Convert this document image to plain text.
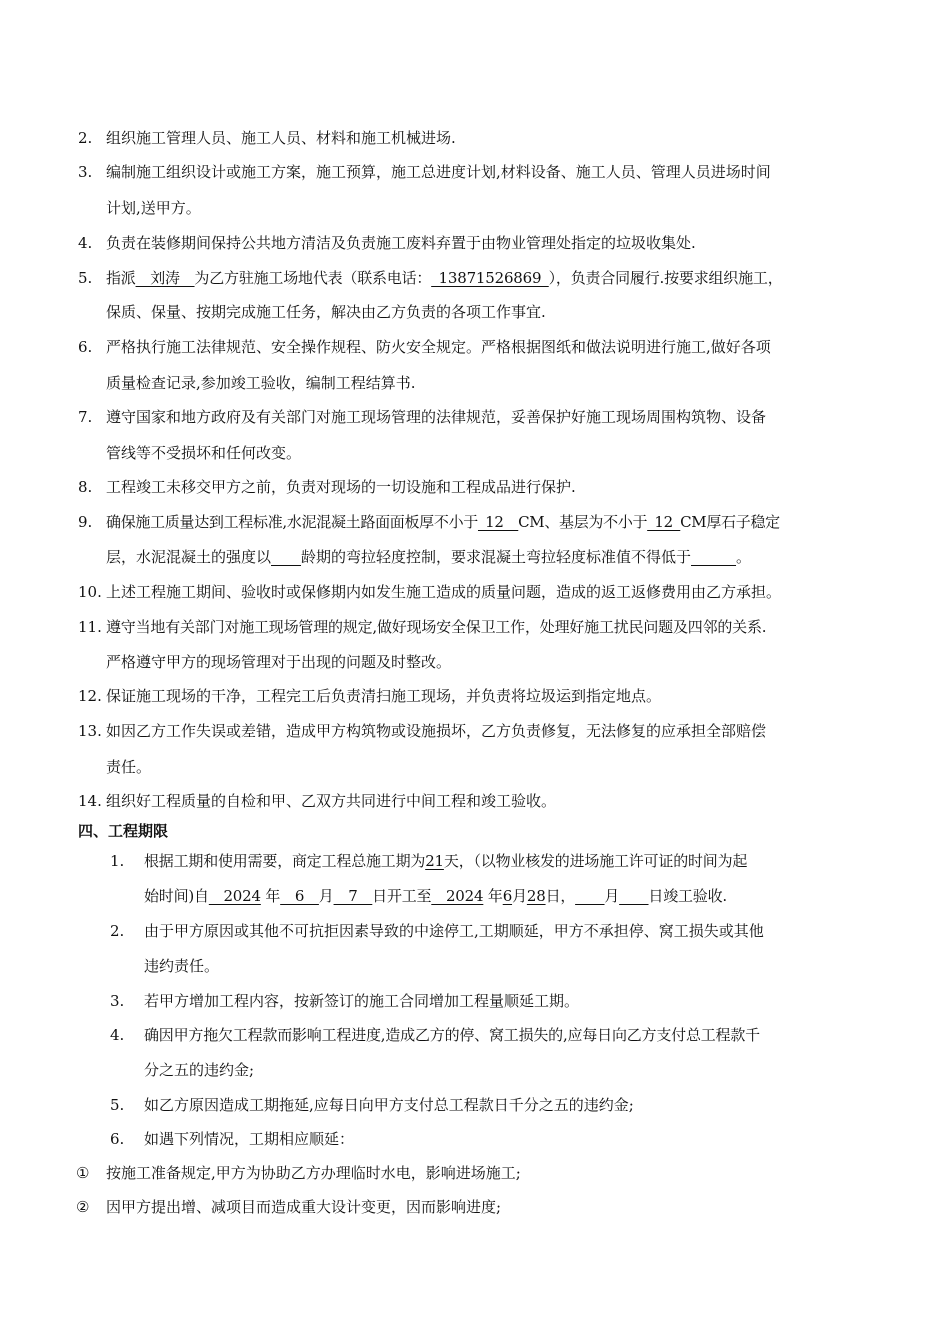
2. 组织施工管理人员、施工人员、材料和施工机械进场.
3. 编制施工组织设计或施工方案，施工预算，施工总进度计划,材料设备、施工人员、管理人员进场时间
计划,送甲方。
4. 负责在装修期间保持公共地方清洁及负责施工废料弃置于由物业管理处指定的垃圾收集处.
5. 指派__刘涛__为乙方驻施工场地代表（联系电话：_13871526869_），负责合同履行.按要求组织施工，
保质、保量、按期完成施工任务，解决由乙方负责的各项工作事宜.
6. 严格执行施工法律规范、安全操作规程、防火安全规定。严格根据图纸和做法说明进行施工,做好各项
质量检查记录,参加竣工验收，编制工程结算书.
7. 遵守国家和地方政府及有关部门对施工现场管理的法律规范，妥善保护好施工现场周围构筑物、设备
管线等不受损坏和任何改变。
8. 工程竣工未移交甲方之前，负责对现场的一切设施和工程成品进行保护.
9. 确保施工质量达到工程标准,水泥混凝土路面面板厚不小于_12__CM、基层为不小于_12_CM厚石子稳定
层，水泥混凝土的强度以____龄期的弯拉轻度控制，要求混凝土弯拉轻度标准值不得低于______。
10. 上述工程施工期间、验收时或保修期内如发生施工造成的质量问题，造成的返工返修费用由乙方承担。
11. 遵守当地有关部门对施工现场管理的规定,做好现场安全保卫工作，处理好施工扰民问题及四邻的关系.
严格遵守甲方的现场管理对于出现的问题及时整改。
12. 保证施工现场的干净，工程完工后负责清扫施工现场，并负责将垃圾运到指定地点。
13. 如因乙方工作失误或差错，造成甲方构筑物或设施损坏，乙方负责修复，无法修复的应承担全部赔偿
责任。
14. 组织好工程质量的自检和甲、乙双方共同进行中间工程和竣工验收。
四、工程期限
1. 根据工期和使用需要，商定工程总施工期为21天，（以物业核发的进场施工许可证的时间为起
始时间)自__2024 年__6__月__7__日开工至__2024 年6月28日，____月____日竣工验收.
2. 由于甲方原因或其他不可抗拒因素导致的中途停工,工期顺延，甲方不承担停、窝工损失或其他
违约责任。
3. 若甲方增加工程内容，按新签订的施工合同增加工程量顺延工期。
4. 确因甲方拖欠工程款而影响工程进度,造成乙方的停、窝工损失的,应每日向乙方支付总工程款千
分之五的违约金;
5. 如乙方原因造成工期拖延,应每日向甲方支付总工程款日千分之五的违约金;
6. 如遇下列情况，工期相应顺延：
① 按施工准备规定,甲方为协助乙方办理临时水电，影响进场施工;
② 因甲方提出增、减项目而造成重大设计变更，因而影响进度;
